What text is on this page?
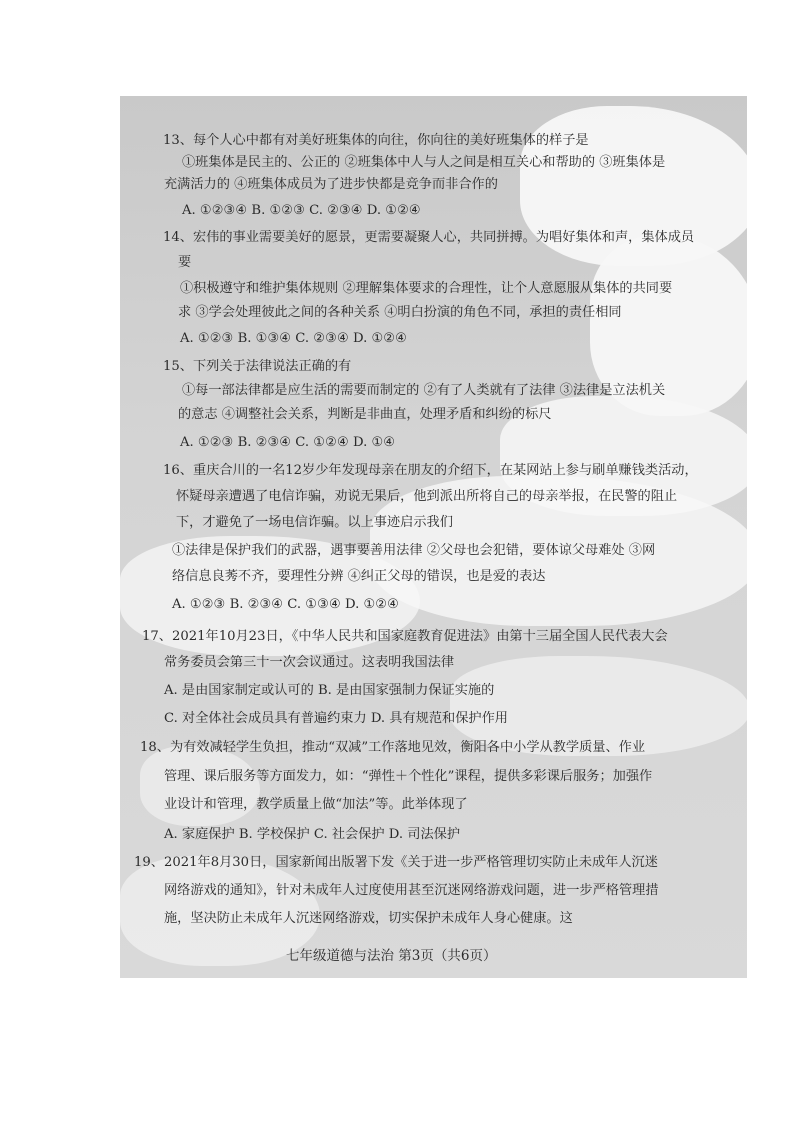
13、每个人心中都有对美好班集体的向往，你向往的美好班集体的样子是
①班集体是民主的、公正的 ②班集体中人与人之间是相互关心和帮助的 ③班集体是
充满活力的 ④班集体成员为了进步快都是竞争而非合作的
A. ①②③④ B. ①②③ C. ②③④ D. ①②④
14、宏伟的事业需要美好的愿景，更需要凝聚人心，共同拼搏。为唱好集体和声，集体成员
要
①积极遵守和维护集体规则 ②理解集体要求的合理性，让个人意愿服从集体的共同要
求 ③学会处理彼此之间的各种关系 ④明白扮演的角色不同，承担的责任相同
A. ①②③ B. ①③④ C. ②③④ D. ①②④
15、下列关于法律说法正确的有
①每一部法律都是应生活的需要而制定的 ②有了人类就有了法律 ③法律是立法机关
的意志 ④调整社会关系，判断是非曲直，处理矛盾和纠纷的标尺
A. ①②③ B. ②③④ C. ①②④ D. ①④
16、重庆合川的一名12岁少年发现母亲在朋友的介绍下，在某网站上参与刷单赚钱类活动，
怀疑母亲遭遇了电信诈骗，劝说无果后，他到派出所将自己的母亲举报，在民警的阻止
下，才避免了一场电信诈骗。以上事迹启示我们
①法律是保护我们的武器，遇事要善用法律 ②父母也会犯错，要体谅父母难处 ③网
络信息良莠不齐，要理性分辨 ④纠正父母的错误，也是爱的表达
A. ①②③ B. ②③④ C. ①③④ D. ①②④
17、2021年10月23日，《中华人民共和国家庭教育促进法》由第十三届全国人民代表大会
常务委员会第三十一次会议通过。这表明我国法律
A. 是由国家制定或认可的 B. 是由国家强制力保证实施的
C. 对全体社会成员具有普遍约束力 D. 具有规范和保护作用
18、为有效减轻学生负担，推动“双减”工作落地见效，衡阳各中小学从教学质量、作业
管理、课后服务等方面发力，如：“弹性＋个性化”课程，提供多彩课后服务；加强作
业设计和管理，教学质量上做“加法”等。此举体现了
A. 家庭保护 B. 学校保护 C. 社会保护 D. 司法保护
19、2021年8月30日，国家新闻出版署下发《关于进一步严格管理切实防止未成年人沉迷
网络游戏的通知》，针对未成年人过度使用甚至沉迷网络游戏问题，进一步严格管理措
施，坚决防止未成年人沉迷网络游戏，切实保护未成年人身心健康。这
七年级道德与法治 第3页（共6页）
